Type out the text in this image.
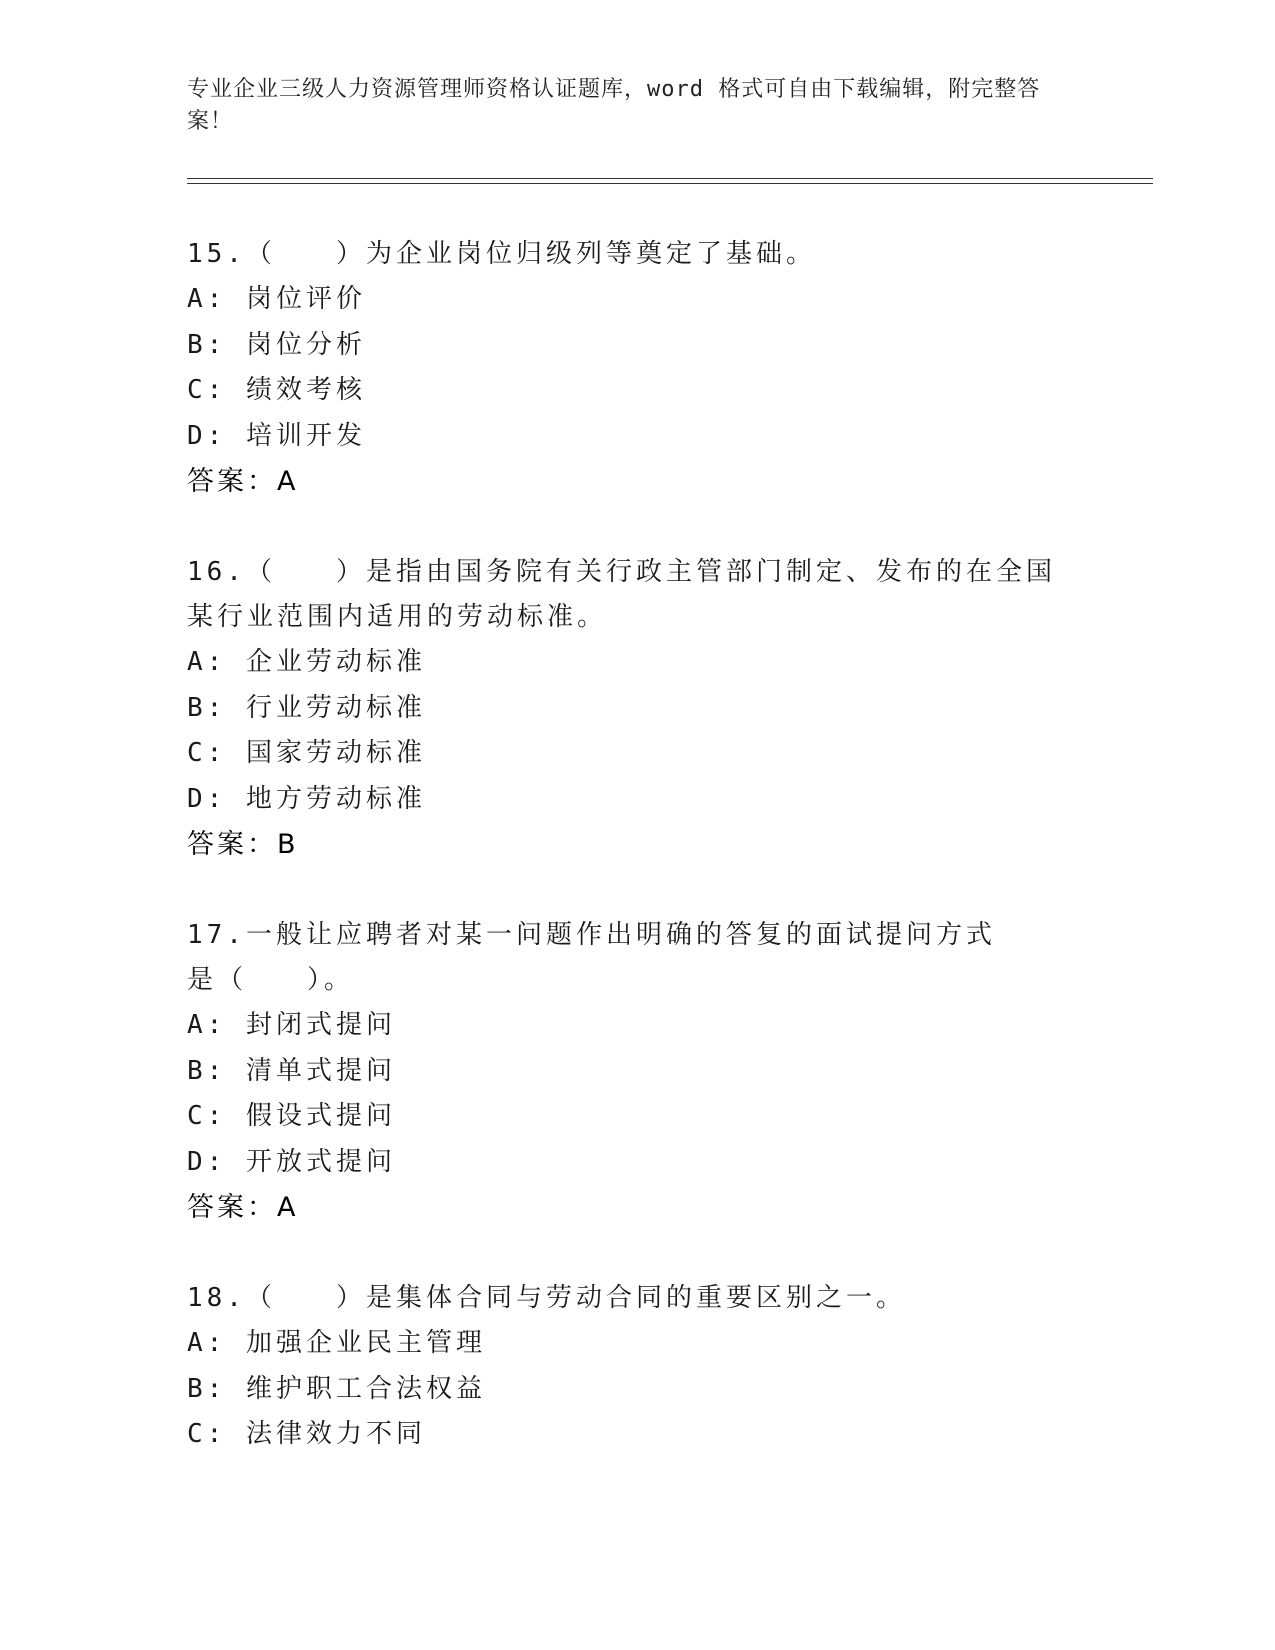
专业企业三级人力资源管理师资格认证题库，word 格式可自由下载编辑，附完整答案！
15.（　　）为企业岗位归级列等奠定了基础。
A: 岗位评价
B: 岗位分析
C: 绩效考核
D: 培训开发
答案：A
16.（　　）是指由国务院有关行政主管部门制定、发布的在全国某行业范围内适用的劳动标准。
A: 企业劳动标准
B: 行业劳动标准
C: 国家劳动标准
D: 地方劳动标准
答案：B
17.一般让应聘者对某一问题作出明确的答复的面试提问方式是（　　）。
A: 封闭式提问
B: 清单式提问
C: 假设式提问
D: 开放式提问
答案：A
18.（　　）是集体合同与劳动合同的重要区别之一。
A: 加强企业民主管理
B: 维护职工合法权益
C: 法律效力不同
